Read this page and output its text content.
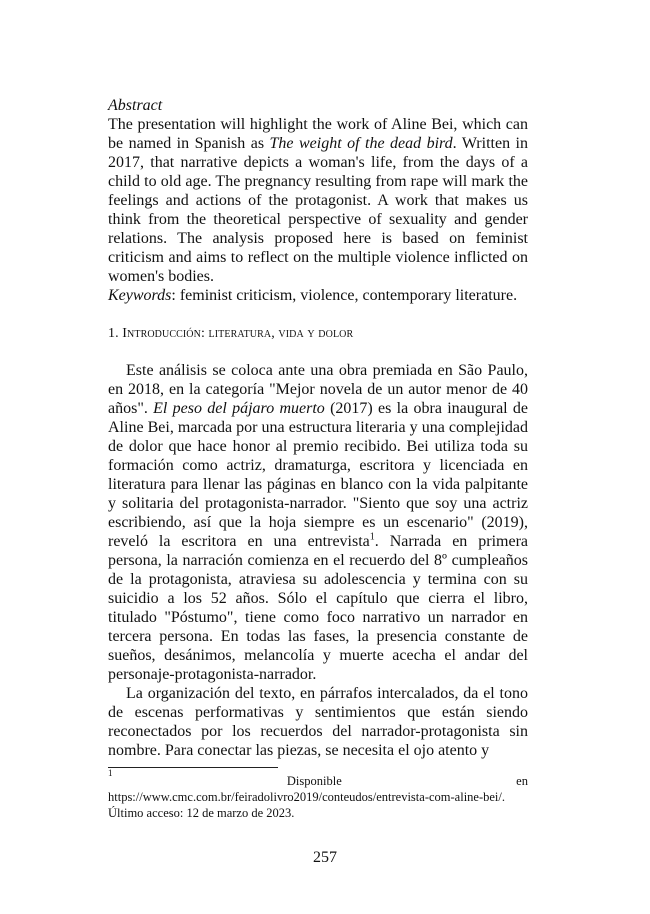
Abstract

The presentation will highlight the work of Aline Bei, which can be named in Spanish as The weight of the dead bird. Written in 2017, that narrative depicts a woman's life, from the days of a child to old age. The pregnancy resulting from rape will mark the feelings and actions of the protagonist. A work that makes us think from the theoretical perspective of sexuality and gender relations. The analysis proposed here is based on feminist criticism and aims to reflect on the multiple violence inflicted on women's bodies.

Keywords: feminist criticism, violence, contemporary literature.

1. Introducción: literatura, vida y dolor

Este análisis se coloca ante una obra premiada en São Paulo, en 2018, en la categoría "Mejor novela de un autor menor de 40 años". El peso del pájaro muerto (2017) es la obra inaugural de Aline Bei, marcada por una estructura literaria y una complejidad de dolor que hace honor al premio recibido. Bei utiliza toda su formación como actriz, dramaturga, escritora y licenciada en literatura para llenar las páginas en blanco con la vida palpitante y solitaria del protagonista-narrador. "Siento que soy una actriz escribiendo, así que la hoja siempre es un escenario" (2019), reveló la escritora en una entrevista$^1$. Narrada en primera persona, la narración comienza en el recuerdo del 8º cumpleaños de la protagonista, atraviesa su adolescencia y termina con su suicidio a los 52 años. Sólo el capítulo que cierra el libro, titulado "Póstumo", tiene como foco narrativo un narrador en tercera persona. En todas las fases, la presencia constante de sueños, desánimos, melancolía y muerte acecha el andar del personaje-protagonista-narrador.

La organización del texto, en párrafos intercalados, da el tono de escenas performativas y sentimientos que están siendo reconectados por los recuerdos del narrador-protagonista sin nombre. Para conectar las piezas, se necesita el ojo atento y

1
Disponible	en
https://www.cmc.com.br/feiradolivro2019/conteudos/entrevista-com-aline-bei/. Último acceso: 12 de marzo de 2023.
257
